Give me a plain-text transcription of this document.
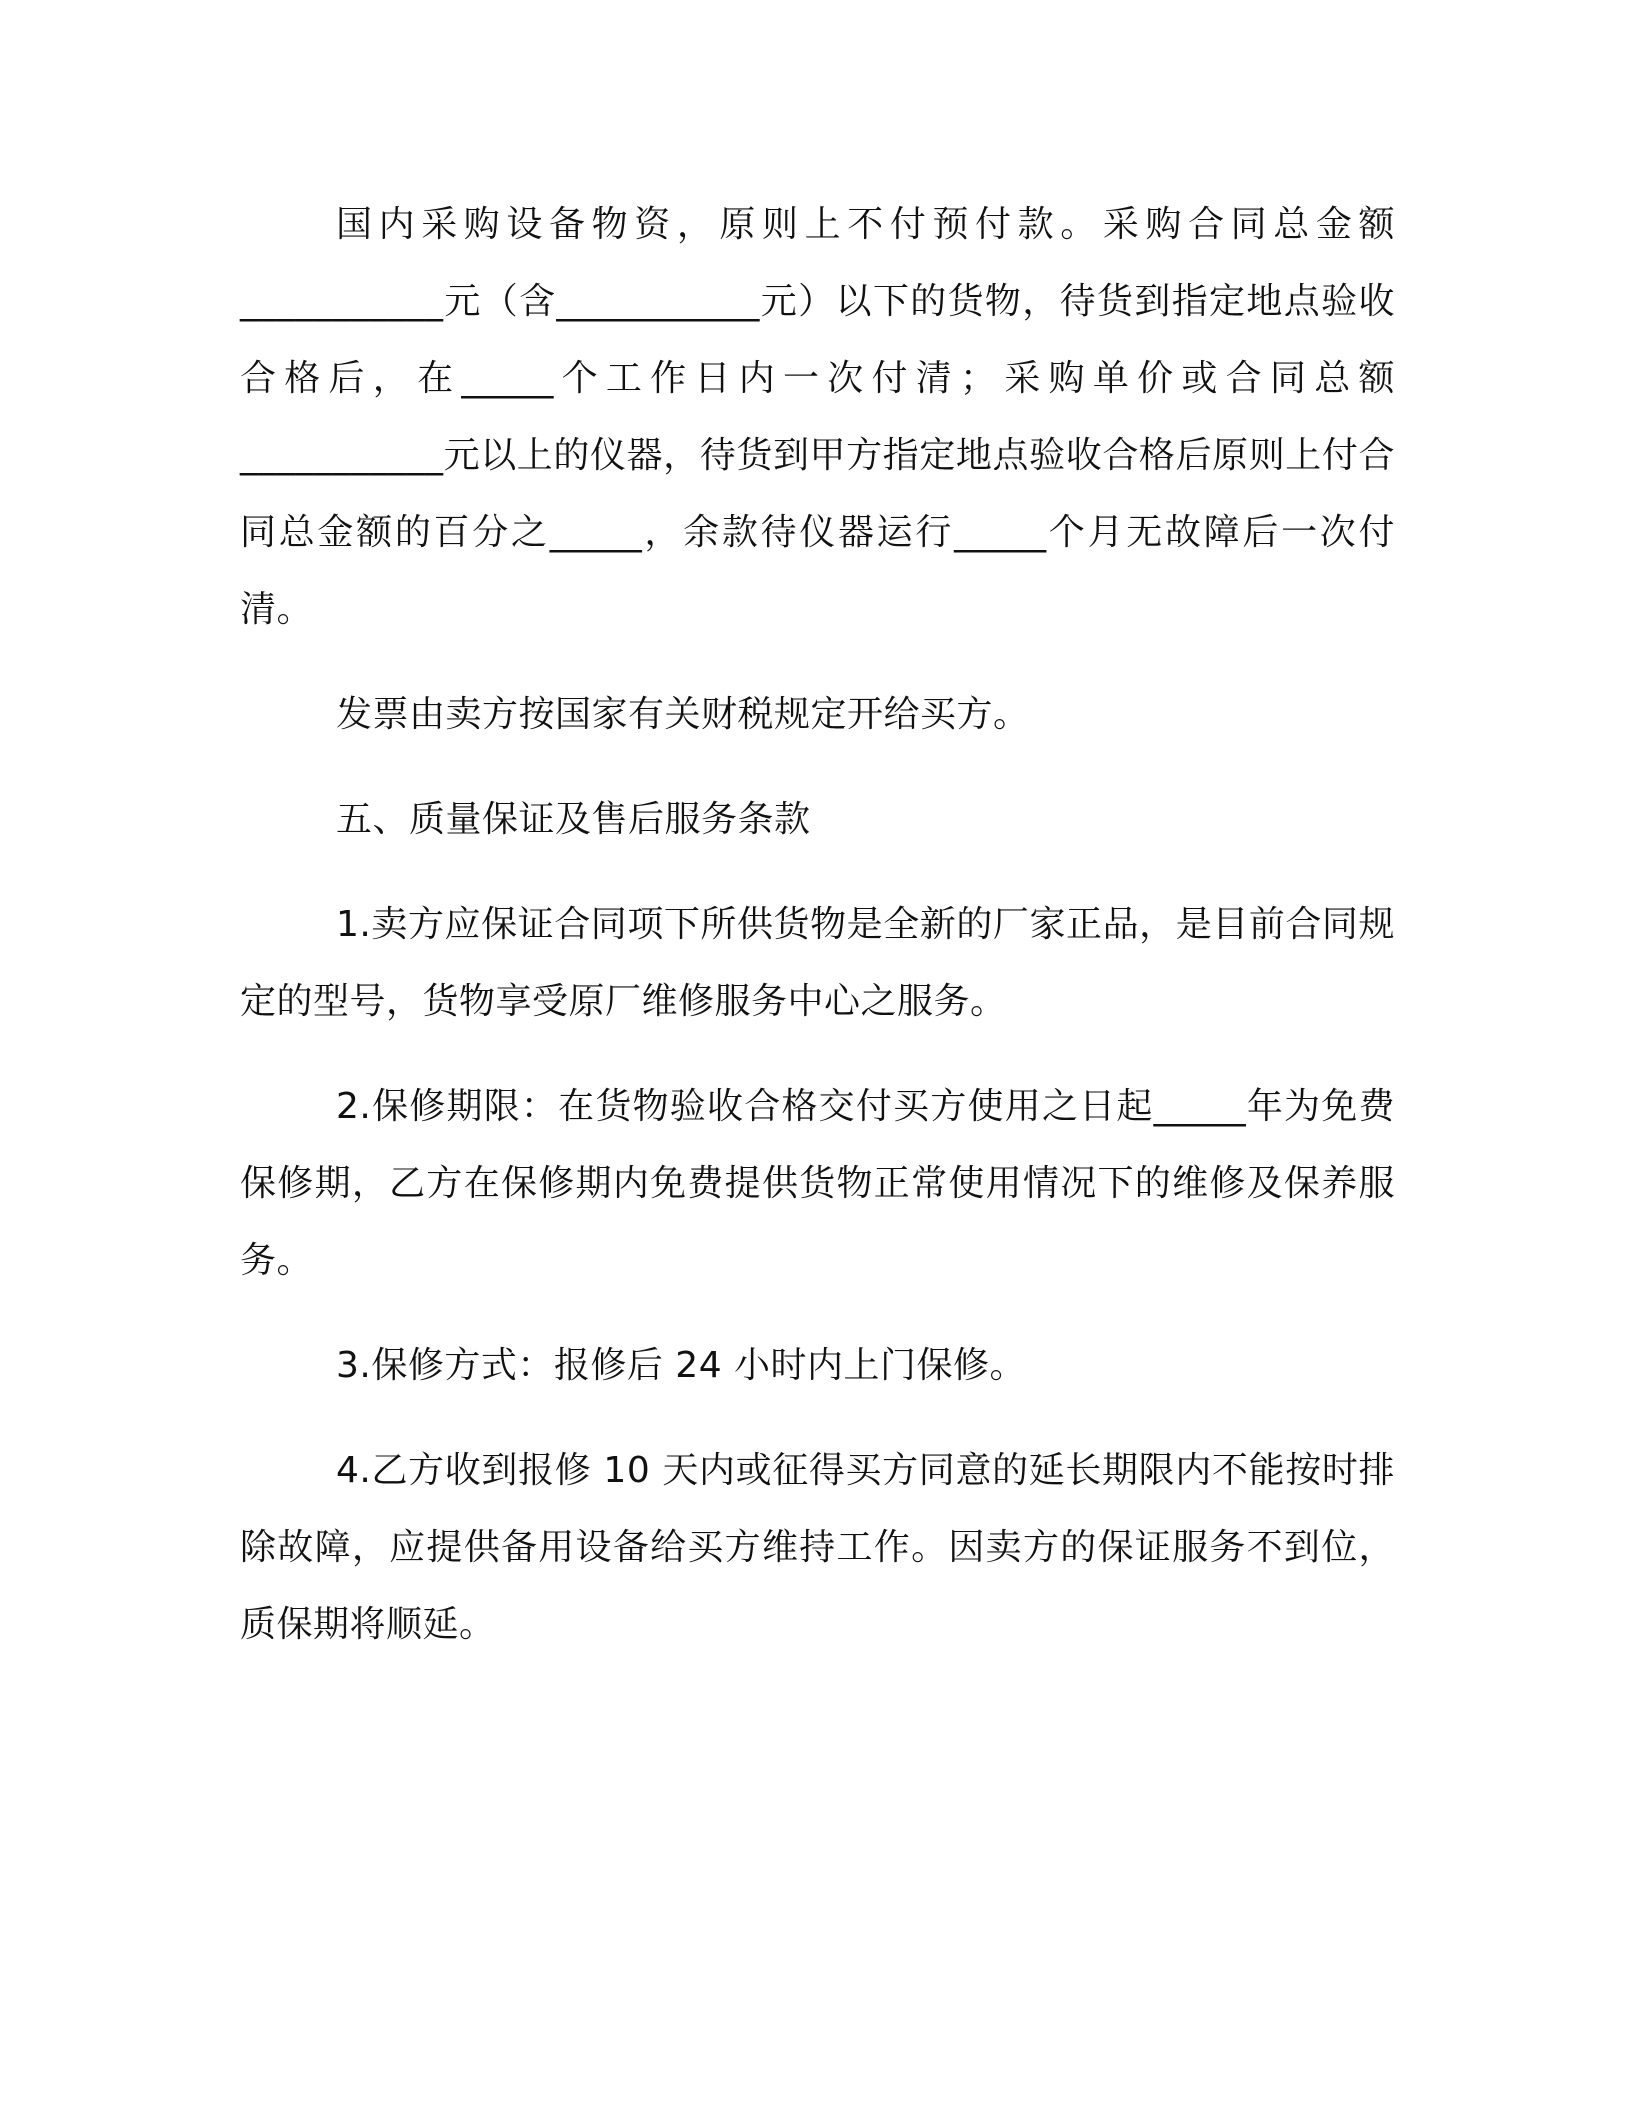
国内采购设备物资，原则上不付预付款。采购合同总金额___________元（含___________元）以下的货物，待货到指定地点验收合格后，在_____个工作日内一次付清；采购单价或合同总额___________元以上的仪器，待货到甲方指定地点验收合格后原则上付合同总金额的百分之_____，余款待仪器运行_____个月无故障后一次付清。

发票由卖方按国家有关财税规定开给买方。

五、质量保证及售后服务条款

1.卖方应保证合同项下所供货物是全新的厂家正品，是目前合同规定的型号，货物享受原厂维修服务中心之服务。

2.保修期限：在货物验收合格交付买方使用之日起_____年为免费保修期，乙方在保修期内免费提供货物正常使用情况下的维修及保养服务。

3.保修方式：报修后 24 小时内上门保修。

4.乙方收到报修 10 天内或征得买方同意的延长期限内不能按时排除故障，应提供备用设备给买方维持工作。因卖方的保证服务不到位，质保期将顺延。
